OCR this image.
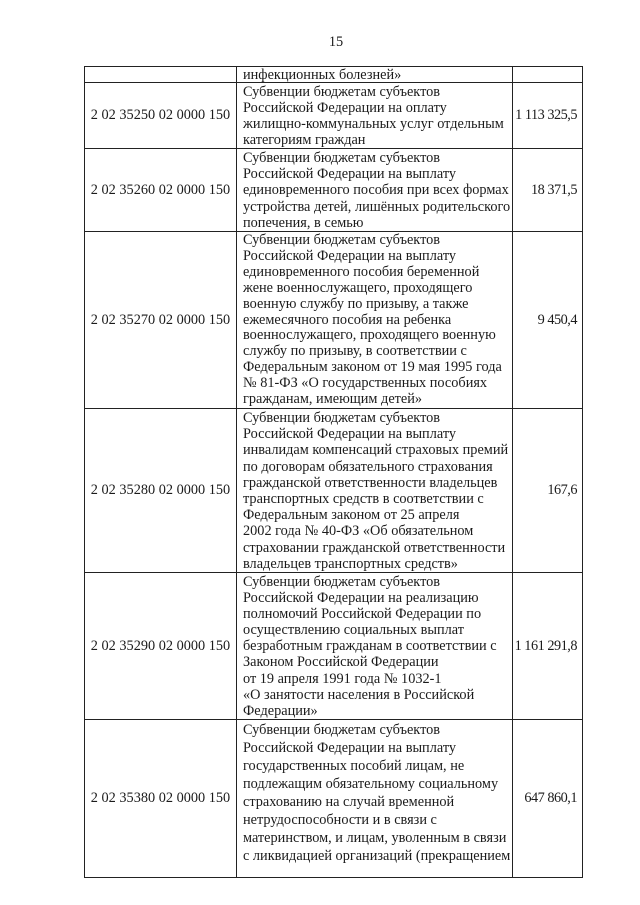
15
инфекционных болезней»
2 02 35250 02 0000 150
Субвенции бюджетам субъектов
Российской Федерации на оплату
жилищно-коммунальных услуг отдельным
категориям граждан
1 113 325,5
2 02 35260 02 0000 150
Субвенции бюджетам субъектов
Российской Федерации на выплату
единовременного пособия при всех формах
устройства детей, лишённых родительского
попечения, в семью
18 371,5
2 02 35270 02 0000 150
Субвенции бюджетам субъектов
Российской Федерации на выплату
единовременного пособия беременной
жене военнослужащего, проходящего
военную службу по призыву, а также
ежемесячного пособия на ребенка
военнослужащего, проходящего военную
службу по призыву, в соответствии с
Федеральным законом от 19 мая 1995 года
№ 81-ФЗ «О государственных пособиях
гражданам, имеющим детей»
9 450,4
2 02 35280 02 0000 150
Субвенции бюджетам субъектов
Российской Федерации на выплату
инвалидам компенсаций страховых премий
по договорам обязательного страхования
гражданской ответственности владельцев
транспортных средств в соответствии с
Федеральным законом от 25 апреля
2002 года № 40-ФЗ «Об обязательном
страховании гражданской ответственности
владельцев транспортных средств»
167,6
2 02 35290 02 0000 150
Субвенции бюджетам субъектов
Российской Федерации на реализацию
полномочий Российской Федерации по
осуществлению социальных выплат
безработным гражданам в соответствии с
Законом Российской Федерации
от 19 апреля 1991 года № 1032-1
«О занятости населения в Российской
Федерации»
1 161 291,8
2 02 35380 02 0000 150
Субвенции бюджетам субъектов
Российской Федерации на выплату
государственных пособий лицам, не
подлежащим обязательному социальному
страхованию на случай временной
нетрудоспособности и в связи с
материнством, и лицам, уволенным в связи
с ликвидацией организаций (прекращением
647 860,1
